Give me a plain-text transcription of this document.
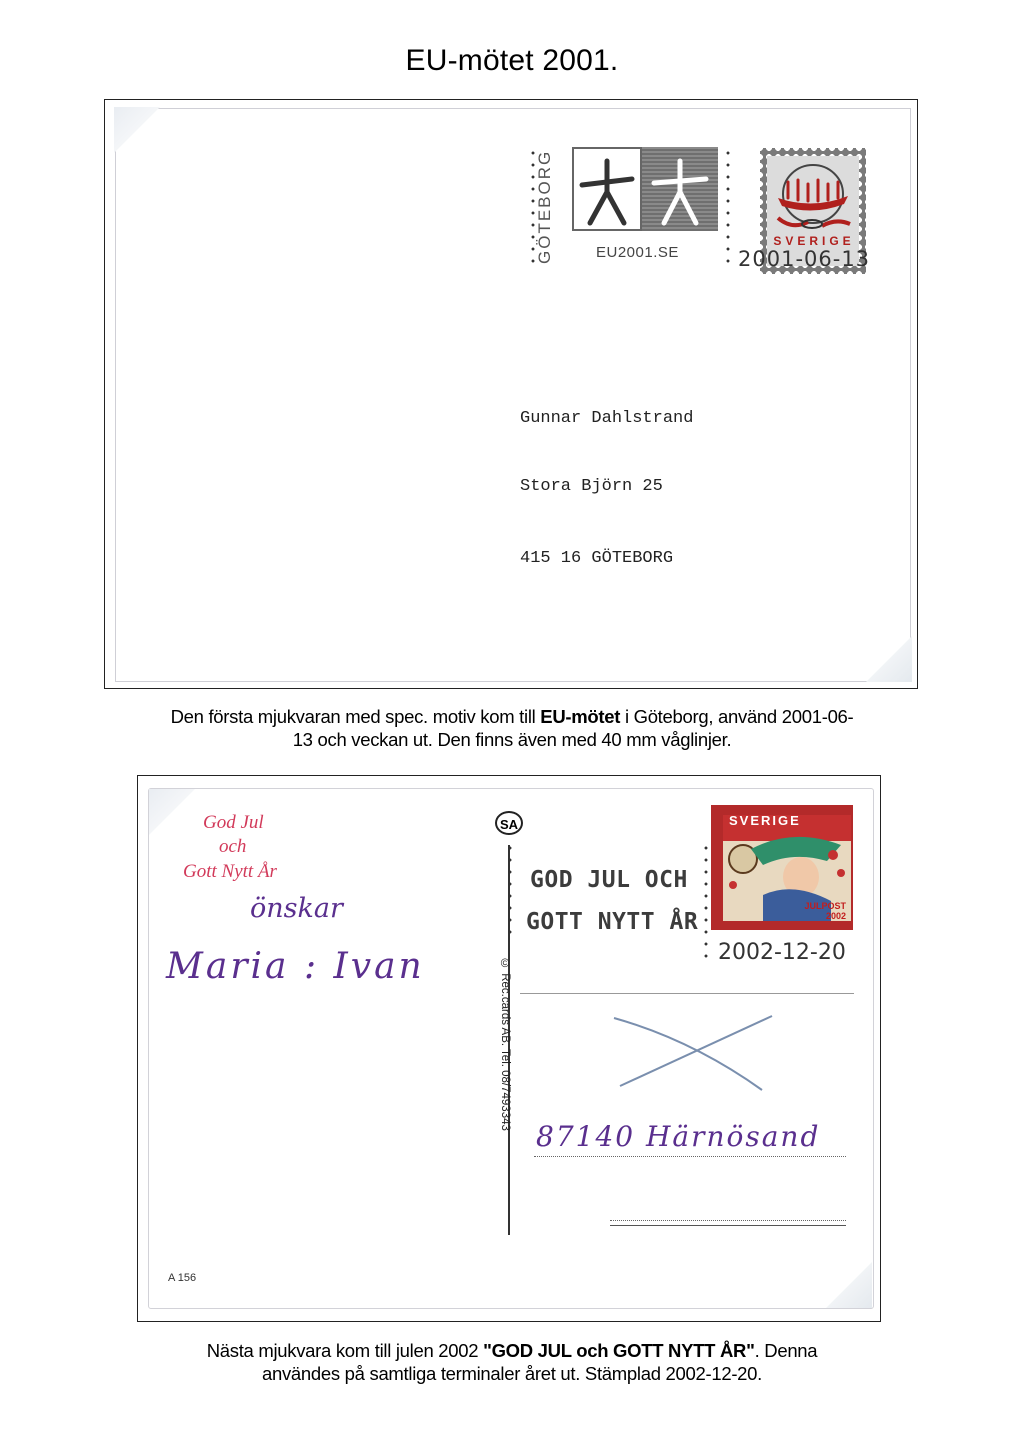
EU-mötet 2001.
GÖTEBORG	EU2001.SE
SVERIGE
2001-06-13
Gunnar Dahlstrand
Stora Björn 25
415 16 GÖTEBORG
Den första mjukvaran med spec. motiv kom till EU-mötet i Göteborg, använd 2001-06-
13 och veckan ut. Den finns även med 40 mm våglinjer.
God Jul
och
Gott Nytt År
önskar
Maria : Ivan
SA
© Rec.cards AB. Tel. 08/7493343
GOD JUL OCH
GOTT NYTT ÅR
SVERIGE
JULPOST 2002
2002-12-20
87140 Härnösand
A 156
Nästa mjukvara kom till julen 2002 "GOD JUL och GOTT NYTT ÅR". Denna
användes på samtliga terminaler året ut. Stämplad 2002-12-20.
